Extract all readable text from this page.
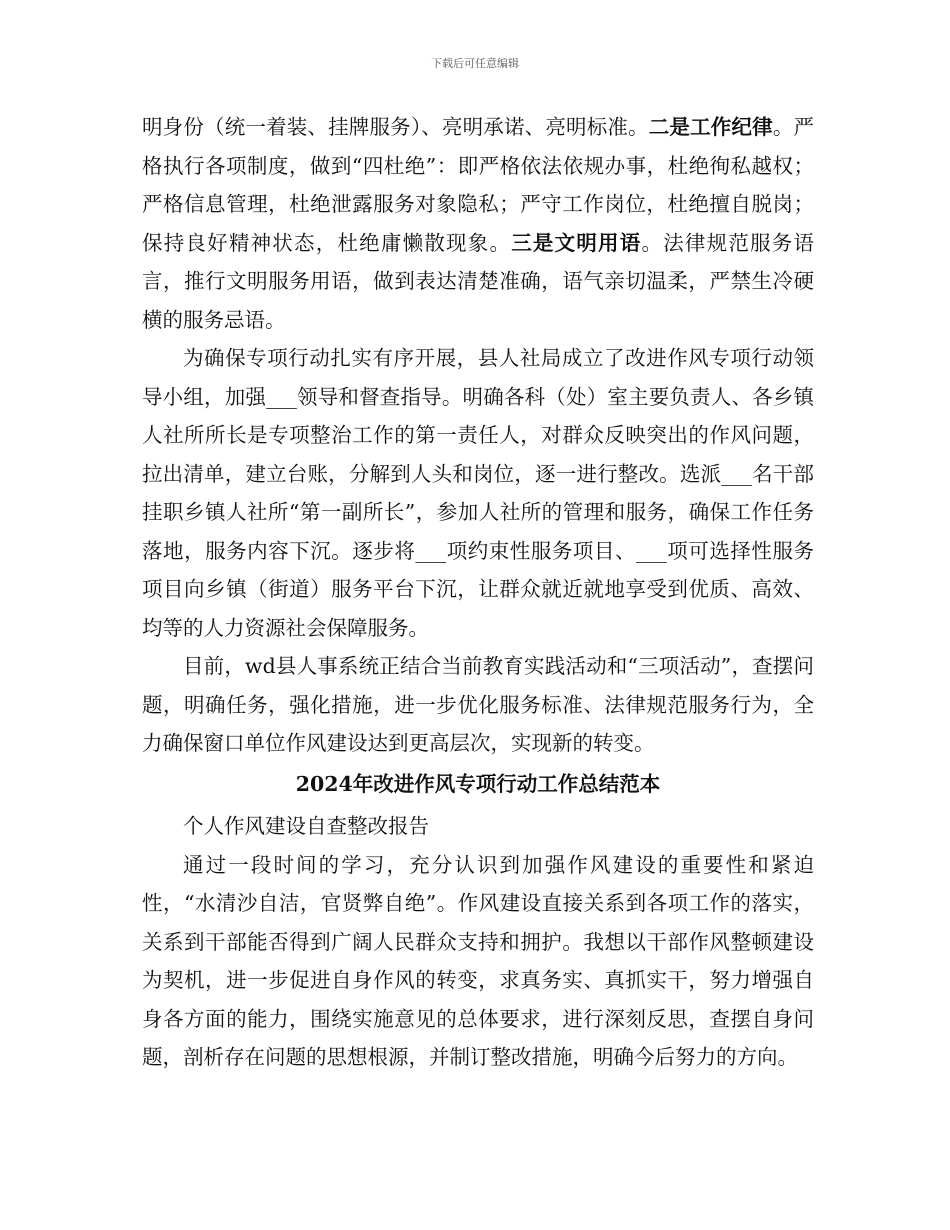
下载后可任意编辑

明身份（统一着装、挂牌服务）、亮明承诺、亮明标准。二是工作纪律。严格执行各项制度，做到“四杜绝”：即严格依法依规办事，杜绝徇私越权；严格信息管理，杜绝泄露服务对象隐私；严守工作岗位，杜绝擅自脱岗；保持良好精神状态，杜绝庸懒散现象。三是文明用语。法律规范服务语言，推行文明服务用语，做到表达清楚准确，语气亲切温柔，严禁生冷硬横的服务忌语。

为确保专项行动扎实有序开展，县人社局成立了改进作风专项行动领导小组，加强___领导和督查指导。明确各科（处）室主要负责人、各乡镇人社所所长是专项整治工作的第一责任人，对群众反映突出的作风问题，拉出清单，建立台账，分解到人头和岗位，逐一进行整改。选派___名干部挂职乡镇人社所“第一副所长”，参加人社所的管理和服务，确保工作任务落地，服务内容下沉。逐步将___项约束性服务项目、___项可选择性服务项目向乡镇（街道）服务平台下沉，让群众就近就地享受到优质、高效、均等的人力资源社会保障服务。

目前，wd县人事系统正结合当前教育实践活动和“三项活动”，查摆问题，明确任务，强化措施，进一步优化服务标准、法律规范服务行为，全力确保窗口单位作风建设达到更高层次，实现新的转变。

2024年改进作风专项行动工作总结范本

个人作风建设自查整改报告

通过一段时间的学习，充分认识到加强作风建设的重要性和紧迫性，“水清沙自洁，官贤弊自绝”。作风建设直接关系到各项工作的落实，关系到干部能否得到广阔人民群众支持和拥护。我想以干部作风整顿建设为契机，进一步促进自身作风的转变，求真务实、真抓实干，努力增强自身各方面的能力，围绕实施意见的总体要求，进行深刻反思，查摆自身问题，剖析存在问题的思想根源，并制订整改措施，明确今后努力的方向。
